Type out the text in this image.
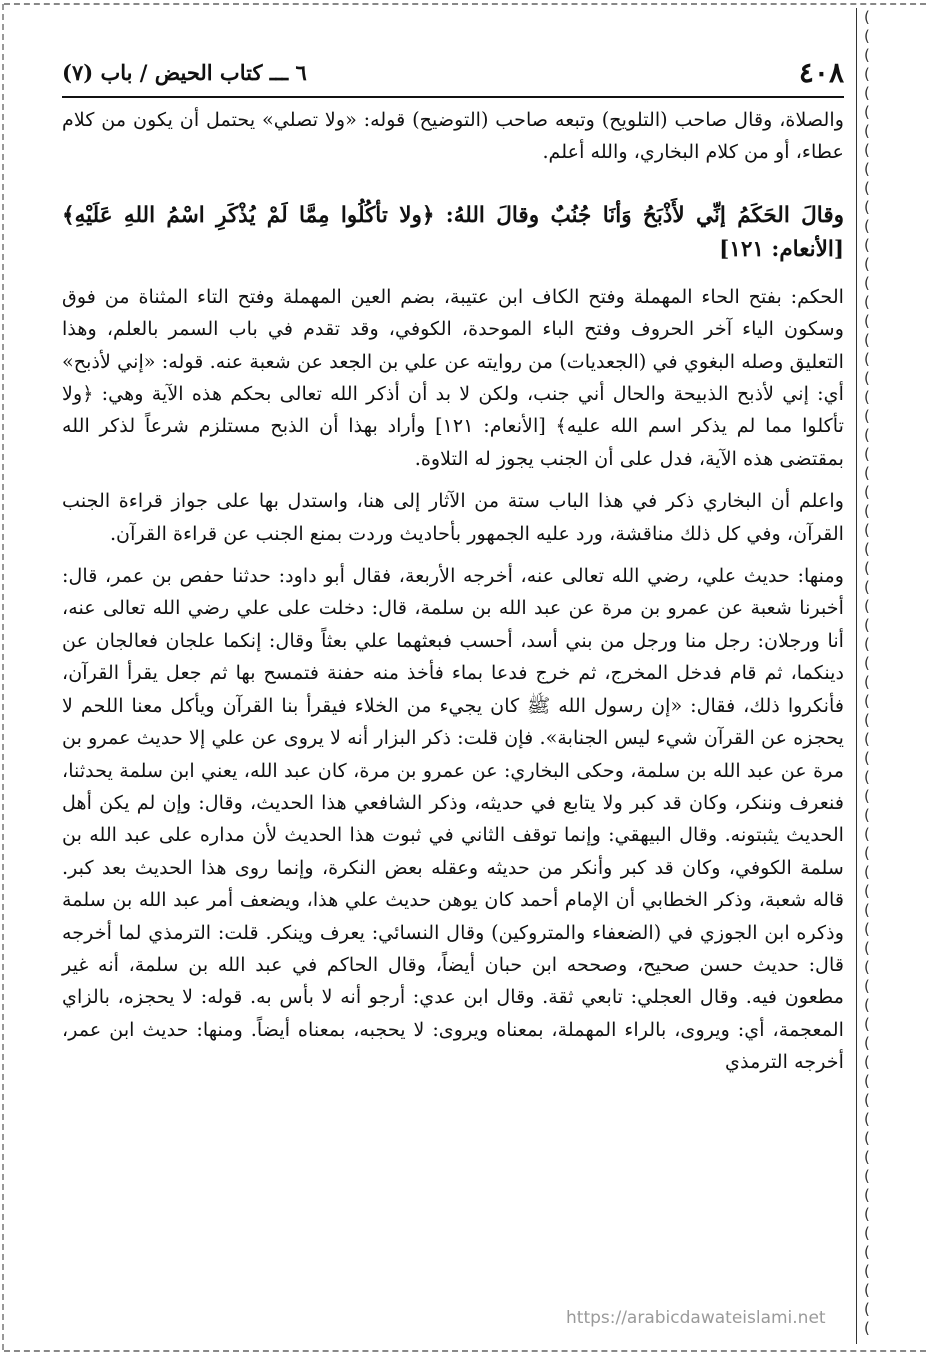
(
(
(
(
(
(
(
(
(
(
(
(
(
(
(
(
(
(
(
(
(
(
(
(
(
(
(
(
(
(
(
(
(
(
(
(
(
(
(
(
(
(
(
(
(
(
(
(
(
(
(
(
(
(
(
(
(
(
(
(
(
(
(
(
(
(
(
(
(
(
٤٠٨
٦ ـــ كتاب الحيض / باب (٧)

والصلاة، وقال صاحب (التلويح) وتبعه صاحب (التوضيح) قوله: «ولا تصلي» يحتمل أن يكون من كلام عطاء، أو من كلام البخاري، والله أعلم.

وقالَ الحَكَمُ إنِّي لأَذْبَحُ وَأنَا جُنُبٌ وقالَ اللهُ: ﴿ولا تأكُلُوا مِمَّا لَمْ يُذْكَرِ اسْمُ اللهِ عَلَيْهِ﴾ [الأنعام: ١٢١]

الحكم: بفتح الحاء المهملة وفتح الكاف ابن عتيبة، بضم العين المهملة وفتح التاء المثناة من فوق وسكون الياء آخر الحروف وفتح الباء الموحدة، الكوفي، وقد تقدم في باب السمر بالعلم، وهذا التعليق وصله البغوي في (الجعديات) من روايته عن علي بن الجعد عن شعبة عنه. قوله: «إني لأذبح» أي: إني لأذبح الذبيحة والحال أني جنب، ولكن لا بد أن أذكر الله تعالى بحكم هذه الآية وهي: ﴿ولا تأكلوا مما لم يذكر اسم الله عليه﴾ [الأنعام: ١٢١] وأراد بهذا أن الذبح مستلزم شرعاً لذكر الله بمقتضى هذه الآية، فدل على أن الجنب يجوز له التلاوة.

واعلم أن البخاري ذكر في هذا الباب ستة من الآثار إلى هنا، واستدل بها على جواز قراءة الجنب القرآن، وفي كل ذلك مناقشة، ورد عليه الجمهور بأحاديث وردت بمنع الجنب عن قراءة القرآن.

ومنها: حديث علي، رضي الله تعالى عنه، أخرجه الأربعة، فقال أبو داود: حدثنا حفص بن عمر، قال: أخبرنا شعبة عن عمرو بن مرة عن عبد الله بن سلمة، قال: دخلت على علي رضي الله تعالى عنه، أنا ورجلان: رجل منا ورجل من بني أسد، أحسب فبعثهما علي بعثاً وقال: إنكما علجان فعالجان عن دينكما، ثم قام فدخل المخرج، ثم خرج فدعا بماء فأخذ منه حفنة فتمسح بها ثم جعل يقرأ القرآن، فأنكروا ذلك، فقال: «إن رسول الله ﷺ كان يجيء من الخلاء فيقرأ بنا القرآن ويأكل معنا اللحم لا يحجزه عن القرآن شيء ليس الجنابة». فإن قلت: ذكر البزار أنه لا يروى عن علي إلا حديث عمرو بن مرة عن عبد الله بن سلمة، وحكى البخاري: عن عمرو بن مرة، كان عبد الله، يعني ابن سلمة يحدثنا، فنعرف وننكر، وكان قد كبر ولا يتابع في حديثه، وذكر الشافعي هذا الحديث، وقال: وإن لم يكن أهل الحديث يثبتونه. وقال البيهقي: وإنما توقف الثاني في ثبوت هذا الحديث لأن مداره على عبد الله بن سلمة الكوفي، وكان قد كبر وأنكر من حديثه وعقله بعض النكرة، وإنما روى هذا الحديث بعد كبر. قاله شعبة، وذكر الخطابي أن الإمام أحمد كان يوهن حديث علي هذا، ويضعف أمر عبد الله بن سلمة وذكره ابن الجوزي في (الضعفاء والمتروكين) وقال النسائي: يعرف وينكر. قلت: الترمذي لما أخرجه قال: حديث حسن صحيح، وصححه ابن حبان أيضاً، وقال الحاكم في عبد الله بن سلمة، أنه غير مطعون فيه. وقال العجلي: تابعي ثقة. وقال ابن عدي: أرجو أنه لا بأس به. قوله: لا يحجزه، بالزاي المعجمة، أي: ويروى، بالراء المهملة، بمعناه ويروى: لا يحجبه، بمعناه أيضاً. ومنها: حديث ابن عمر، أخرجه الترمذي

https://arabicdawateislami.net
